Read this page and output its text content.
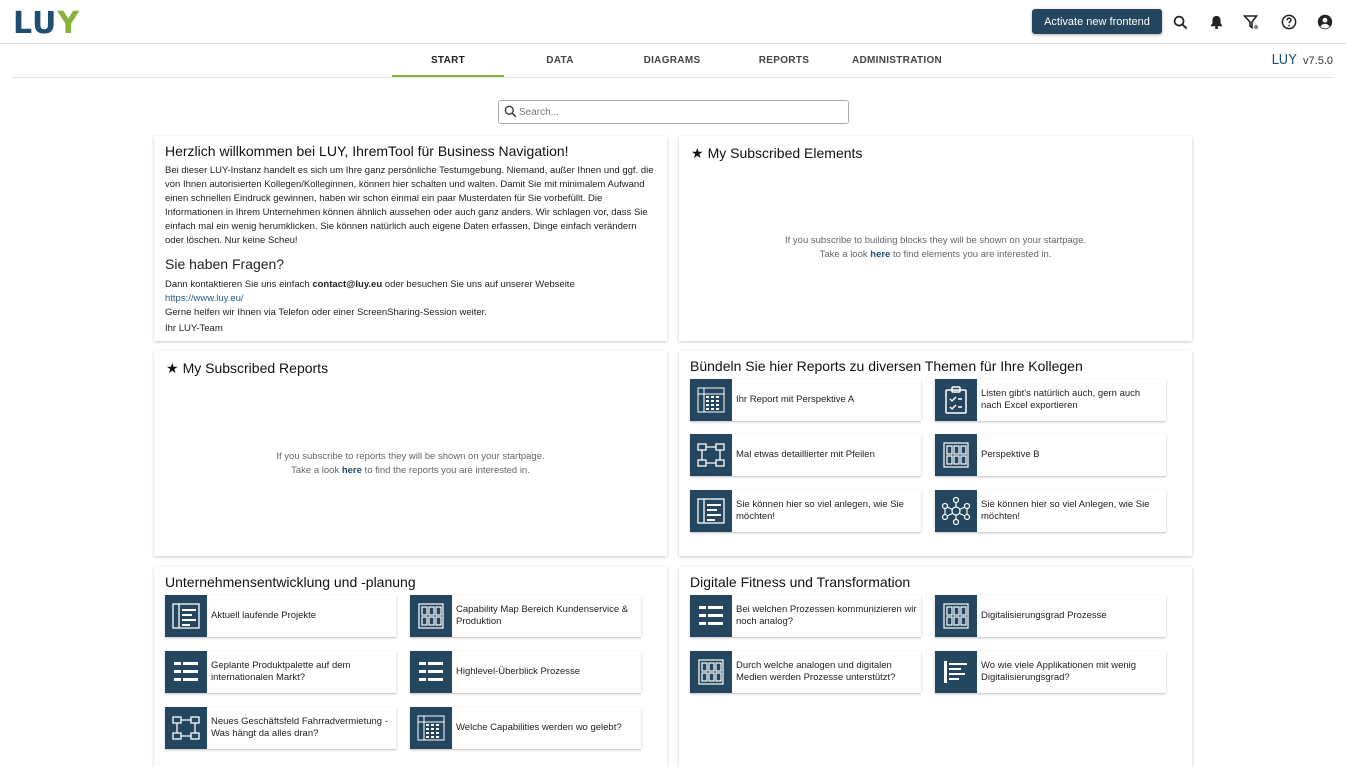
LUY	Activate new frontend
START	DATA	DIAGRAMS	REPORTS	ADMINISTRATION	LUY v7.5.0
Search...
Herzlich willkommen bei LUY, IhremTool für Business Navigation!

Bei dieser LUY-Instanz handelt es sich um Ihre ganz persönliche Testumgebung. Niemand, außer Ihnen und ggf. die von Ihnen autorisierten Kollegen/Kolleginnen, können hier schalten und walten. Damit Sie mit minimalem Aufwand einen schnellen Eindruck gewinnen, haben wir schon einmal ein paar Musterdaten für Sie vorbefüllt. Die Informationen in Ihrem Unternehmen können ähnlich aussehen oder auch ganz anders. Wir schlagen vor, dass Sie einfach mal ein wenig herumklicken. Sie können natürlich auch eigene Daten erfassen, Dinge einfach verändern oder löschen. Nur keine Scheu!

Sie haben Fragen?

Dann kontaktieren Sie uns einfach contact@luy.eu oder besuchen Sie uns auf unserer Webseite

https://www.luy.eu/

Gerne helfen wir Ihnen via Telefon oder einer ScreenSharing-Session weiter.

Ihr LUY-Team

★ My Subscribed Elements
If you subscribe to building blocks they will be shown on your startpage.
Take a look here to find elements you are interested in.
★ My Subscribed Reports
If you subscribe to reports they will be shown on your startpage.
Take a look here to find the reports you are interested in.
Bündeln Sie hier Reports zu diversen Themen für Ihre Kollegen
Ihr Report mit Perspektive A
Listen gibt's natürlich auch, gern auch nach Excel exportieren
Mal etwas detaillierter mit Pfeilen	Perspektive B
Sie können hier so viel anlegen, wie Sie möchten!
Sie können hier so viel Anlegen, wie Sie möchten!
Unternehmensentwicklung und -planung
Aktuell laufende Projekte
Capability Map Bereich Kundenservice & Produktion
Geplante Produktpalette auf dem internationalen Markt?
Highlevel-Überblick Prozesse
Neues Geschäftsfeld Fahrradvermietung - Was hängt da alles dran?
Welche Capabilities werden wo gelebt?
Digitale Fitness und Transformation
Bei welchen Prozessen kommunizieren wir noch analog?
Digitalisierungsgrad Prozesse
Durch welche analogen und digitalen Medien werden Prozesse unterstützt?
Wo wie viele Applikationen mit wenig Digitalisierungsgrad?
